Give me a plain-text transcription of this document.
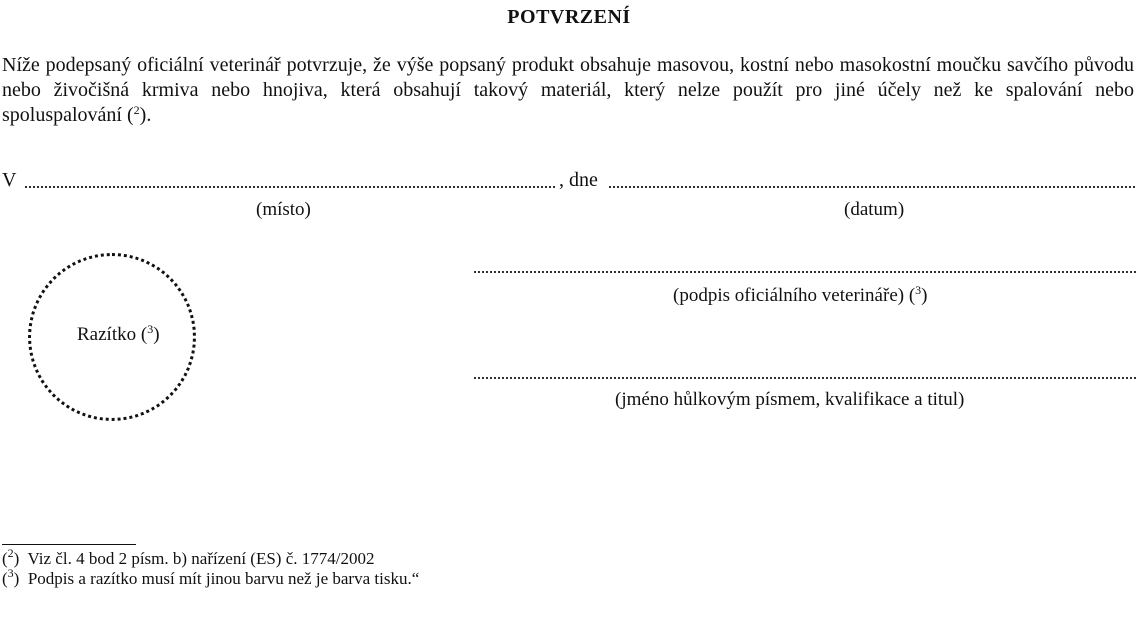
POTVRZENÍ

Níže podepsaný oficiální veterinář potvrzuje, že výše popsaný produkt obsahuje masovou, kostní nebo masokostní moučku savčího původu nebo živočišná krmiva nebo hnojiva, která obsahují takový materiál, který nelze použít pro jiné účely než ke spalování nebo spoluspalování ($^2$).

V	, dne
(místo)	(datum)
Razítko ($^3$)
(podpis oficiálního veterináře) ($^3$)
(jméno hůlkovým písmem, kvalifikace a titul)
($^2$)  Viz čl. 4 bod 2 písm. b) nařízení (ES) č. 1774/2002
($^3$)  Podpis a razítko musí mít jinou barvu než je barva tisku.“
